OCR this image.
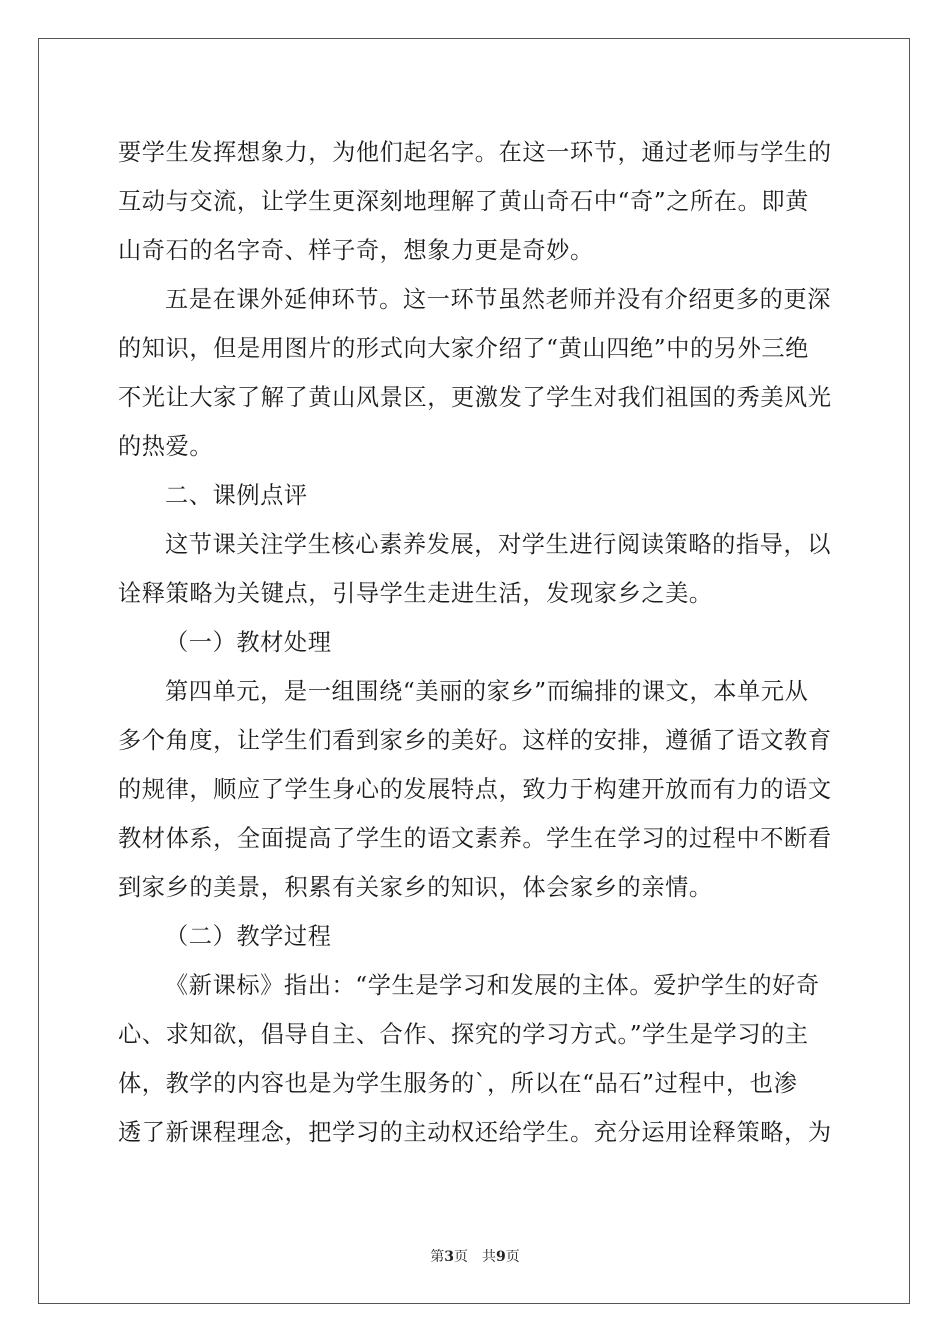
要学生发挥想象力，为他们起名字。在这一环节，通过老师与学生的
互动与交流，让学生更深刻地理解了黄山奇石中“奇”之所在。即黄
山奇石的名字奇、样子奇，想象力更是奇妙。
五是在课外延伸环节。这一环节虽然老师并没有介绍更多的更深
的知识，但是用图片的形式向大家介绍了“黄山四绝”中的另外三绝
不光让大家了解了黄山风景区，更激发了学生对我们祖国的秀美风光
的热爱。
二、课例点评
这节课关注学生核心素养发展，对学生进行阅读策略的指导，以
诠释策略为关键点，引导学生走进生活，发现家乡之美。
（一）教材处理
第四单元，是一组围绕“美丽的家乡”而编排的课文，本单元从
多个角度，让学生们看到家乡的美好。这样的安排，遵循了语文教育
的规律，顺应了学生身心的发展特点，致力于构建开放而有力的语文
教材体系，全面提高了学生的语文素养。学生在学习的过程中不断看
到家乡的美景，积累有关家乡的知识，体会家乡的亲情。
（二）教学过程
《新课标》指出：“学生是学习和发展的主体。爱护学生的好奇
心、求知欲，倡导自主、合作、探究的学习方式。”学生是学习的主
体，教学的内容也是为学生服务的`，所以在“品石”过程中，也渗
透了新课程理念，把学习的主动权还给学生。充分运用诠释策略，为
第3页 共9页
